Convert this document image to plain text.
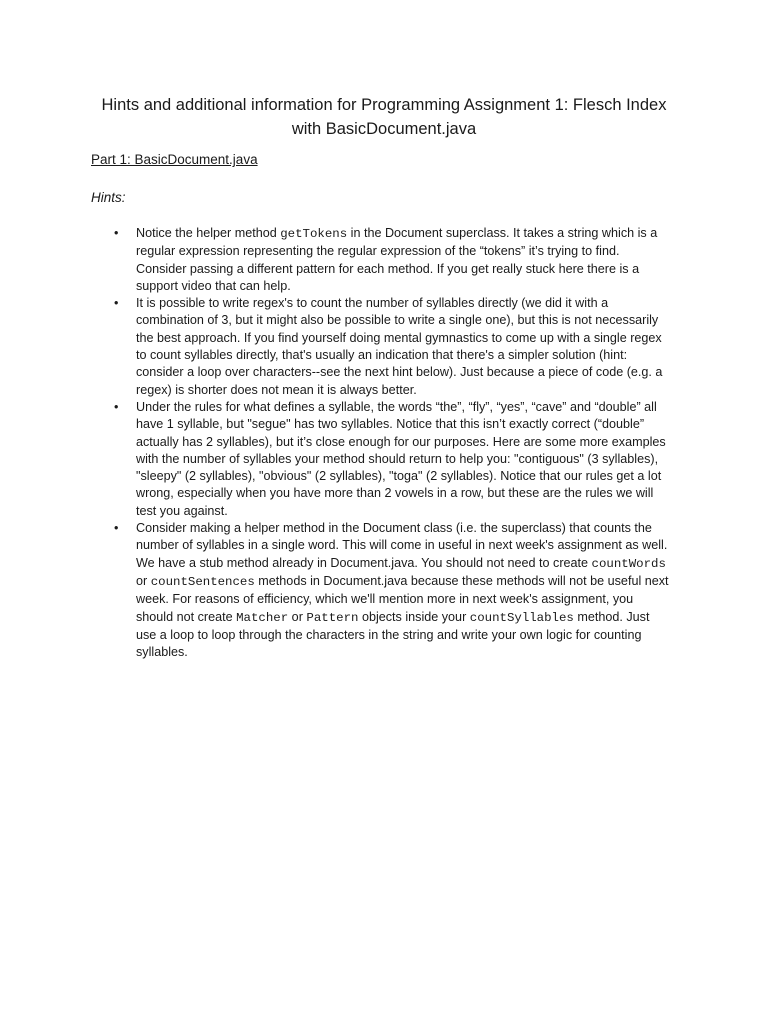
Hints and additional information for Programming Assignment 1: Flesch Index with BasicDocument.java
Part 1: BasicDocument.java
Hints:
• Notice the helper method getTokens in the Document superclass. It takes a string which is a regular expression representing the regular expression of the “tokens” it’s trying to find. Consider passing a different pattern for each method. If you get really stuck here there is a support video that can help.
• It is possible to write regex's to count the number of syllables directly (we did it with a combination of 3, but it might also be possible to write a single one), but this is not necessarily the best approach. If you find yourself doing mental gymnastics to come up with a single regex to count syllables directly, that's usually an indication that there's a simpler solution (hint: consider a loop over characters--see the next hint below). Just because a piece of code (e.g. a regex) is shorter does not mean it is always better.
• Under the rules for what defines a syllable, the words “the”, “fly”, “yes”, “cave” and “double” all have 1 syllable, but "segue" has two syllables. Notice that this isn’t exactly correct (“double” actually has 2 syllables), but it’s close enough for our purposes. Here are some more examples with the number of syllables your method should return to help you: "contiguous" (3 syllables), "sleepy" (2 syllables), "obvious" (2 syllables), "toga" (2 syllables). Notice that our rules get a lot wrong, especially when you have more than 2 vowels in a row, but these are the rules we will test you against.
• Consider making a helper method in the Document class (i.e. the superclass) that counts the number of syllables in a single word. This will come in useful in next week's assignment as well. We have a stub method already in Document.java. You should not need to create countWords or countSentences methods in Document.java because these methods will not be useful next week. For reasons of efficiency, which we'll mention more in next week's assignment, you should not create Matcher or Pattern objects inside your countSyllables method. Just use a loop to loop through the characters in the string and write your own logic for counting syllables.
